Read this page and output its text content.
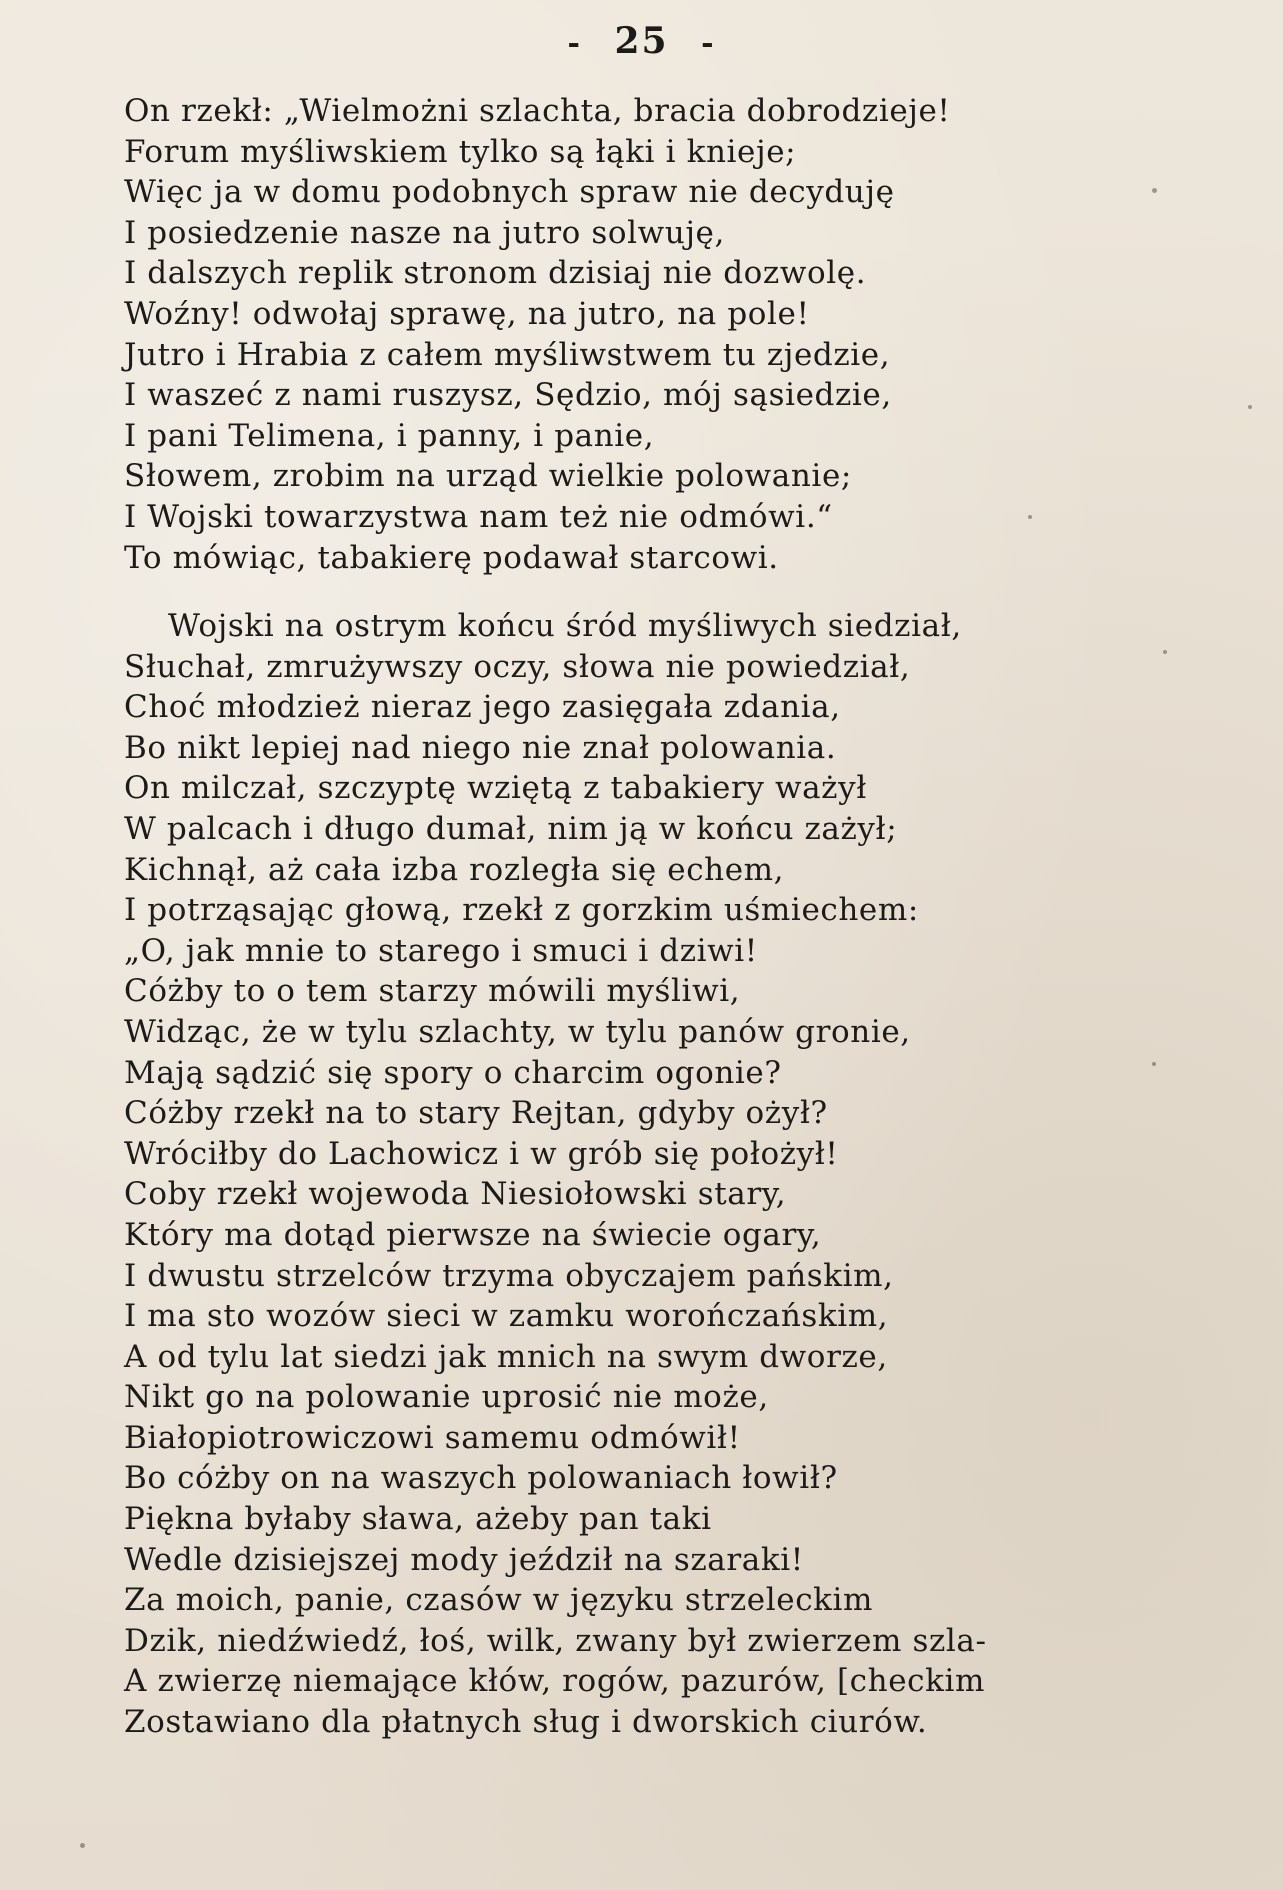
- 25 -
On rzekł: „Wielmożni szlachta, bracia dobrodzieje!
Forum myśliwskiem tylko są łąki i knieje;
Więc ja w domu podobnych spraw nie decyduję
I posiedzenie nasze na jutro solwuję,
I dalszych replik stronom dzisiaj nie dozwolę.
Woźny! odwołaj sprawę, na jutro, na pole!
Jutro i Hrabia z całem myśliwstwem tu zjedzie,
I waszeć z nami ruszysz, Sędzio, mój sąsiedzie,
I pani Telimena, i panny, i panie,
Słowem, zrobim na urząd wielkie polowanie;
I Wojski towarzystwa nam też nie odmówi.“
To mówiąc, tabakierę podawał starcowi.
Wojski na ostrym końcu śród myśliwych siedział,
Słuchał, zmrużywszy oczy, słowa nie powiedział,
Choć młodzież nieraz jego zasięgała zdania,
Bo nikt lepiej nad niego nie znał polowania.
On milczał, szczyptę wziętą z tabakiery ważył
W palcach i długo dumał, nim ją w końcu zażył;
Kichnął, aż cała izba rozległa się echem,
I potrząsając głową, rzekł z gorzkim uśmiechem:
„O, jak mnie to starego i smuci i dziwi!
Cóżby to o tem starzy mówili myśliwi,
Widząc, że w tylu szlachty, w tylu panów gronie,
Mają sądzić się spory o charcim ogonie?
Cóżby rzekł na to stary Rejtan, gdyby ożył?
Wróciłby do Lachowicz i w grób się położył!
Coby rzekł wojewoda Niesiołowski stary,
Który ma dotąd pierwsze na świecie ogary,
I dwustu strzelców trzyma obyczajem pańskim,
I ma sto wozów sieci w zamku worończańskim,
A od tylu lat siedzi jak mnich na swym dworze,
Nikt go na polowanie uprosić nie może,
Białopiotrowiczowi samemu odmówił!
Bo cóżby on na waszych polowaniach łowił?
Piękna byłaby sława, ażeby pan taki
Wedle dzisiejszej mody jeździł na szaraki!
Za moich, panie, czasów w języku strzeleckim
Dzik, niedźwiedź, łoś, wilk, zwany był zwierzem szla-
A zwierzę niemające kłów, rogów, pazurów, [checkim
Zostawiano dla płatnych sług i dworskich ciurów.
